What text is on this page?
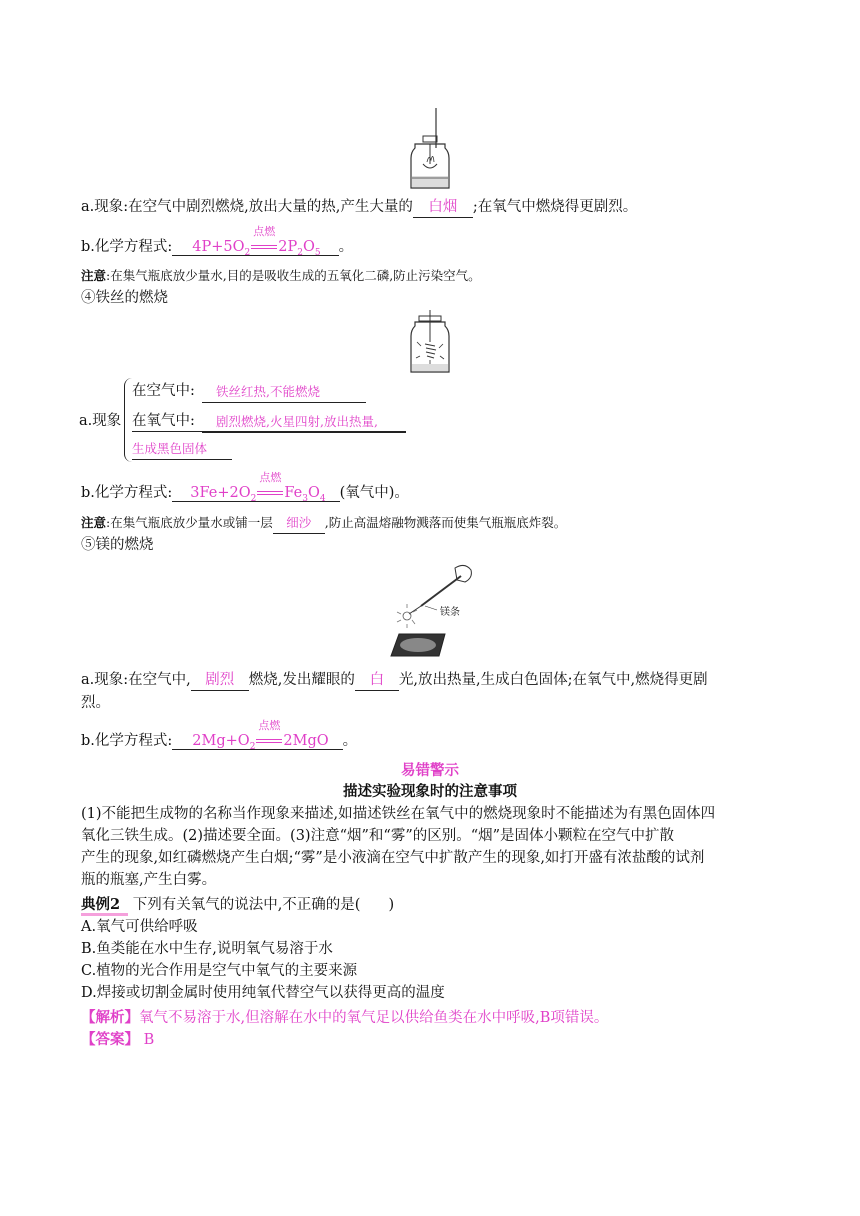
a.现象:在空气中剧烈燃烧,放出大量的热,产生大量的 白烟 ;在氧气中燃烧得更剧烈。
b.化学方程式: $4P+5O_2$
点燃
$2P_2O_5$ 。
注意:在集气瓶底放少量水,目的是吸收生成的五氧化二磷,防止污染空气。
④铁丝的燃烧
a.现象
在空气中:	铁丝红热,不能燃烧
在氧气中:	剧烈燃烧,火星四射,放出热量,
生成黑色固体
b.化学方程式: $3Fe+2O_2$
点燃
$Fe_3O_4$ (氧气中)。
注意:在集气瓶底放少量水或铺一层 细沙 ,防止高温熔融物溅落而使集气瓶瓶底炸裂。
⑤镁的燃烧
镁条
a.现象:在空气中, 剧烈 燃烧,发出耀眼的 白 光,放出热量,生成白色固体;在氧气中,燃烧得更剧
烈。
b.化学方程式: $2Mg+O_2$
点燃
2MgO 。
易错警示
描述实验现象时的注意事项
(1)不能把生成物的名称当作现象来描述,如描述铁丝在氧气中的燃烧现象时不能描述为有黑色固体四
氧化三铁生成。(2)描述要全面。(3)注意“烟”和“雾”的区别。“烟”是固体小颗粒在空气中扩散
产生的现象,如红磷燃烧产生白烟;“雾”是小液滴在空气中扩散产生的现象,如打开盛有浓盐酸的试剂
瓶的瓶塞,产生白雾。
典例2 下列有关氧气的说法中,不正确的是( )
A.氧气可供给呼吸
B.鱼类能在水中生存,说明氧气易溶于水
C.植物的光合作用是空气中氧气的主要来源
D.焊接或切割金属时使用纯氧代替空气以获得更高的温度
【解析】氧气不易溶于水,但溶解在水中的氧气足以供给鱼类在水中呼吸,B项错误。
【答案】 B
